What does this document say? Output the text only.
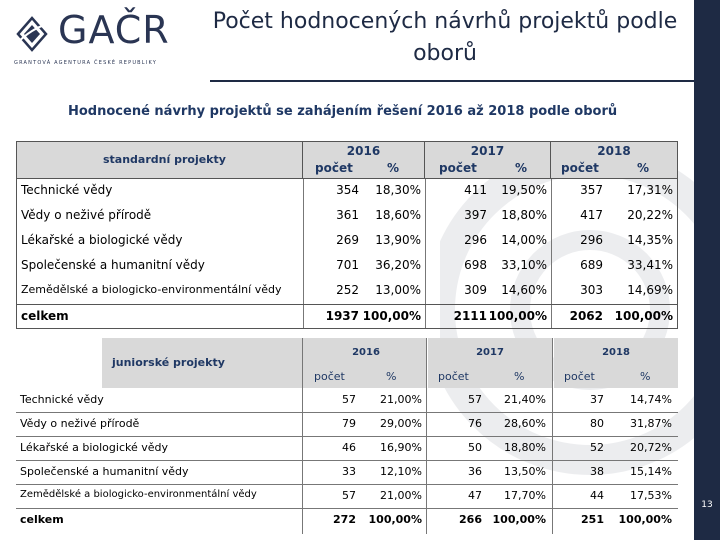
13
GAČR
GRANTOVÁ AGENTURA ČESKÉ REPUBLIKY
Počet hodnocených návrhů projektů podle oborů
Hodnocené návrhy projektů se zahájením řešení 2016 až 2018 podle oborů
standardní projekty
2016
počet	%
2017
počet	%
2018
počet	%
Technické vědy	354 18,30%	411 19,50%	357 17,31%
Vědy o neživé přírodě	361 18,60%	397 18,80%	417 20,22%
Lékařské a biologické vědy	269 13,90%	296 14,00%	296 14,35%
Společenské a humanitní vědy	701 36,20%	698 33,10%	689 33,41%
Zemědělské a biologicko-environmentální vědy	252 13,00%	309 14,60%	303 14,69%
celkem	1937 100,00%	2111 100,00% 2062 100,00%
juniorské projekty
2016
počet	%
2017
počet	%
2018
počet	%
Technické vědy	57 21,00%	57 21,40%	37 14,74%
Vědy o neživé přírodě	79 29,00%	76 28,60%	80 31,87%
Lékařské a biologické vědy	46 16,90%	50 18,80%	52 20,72%
Společenské a humanitní vědy	33 12,10%	36 13,50%	38 15,14%
Zemědělské a biologicko-environmentální vědy	57 21,00%	47 17,70%	44 17,53%
celkem	272 100,00%	266 100,00%	251 100,00%
